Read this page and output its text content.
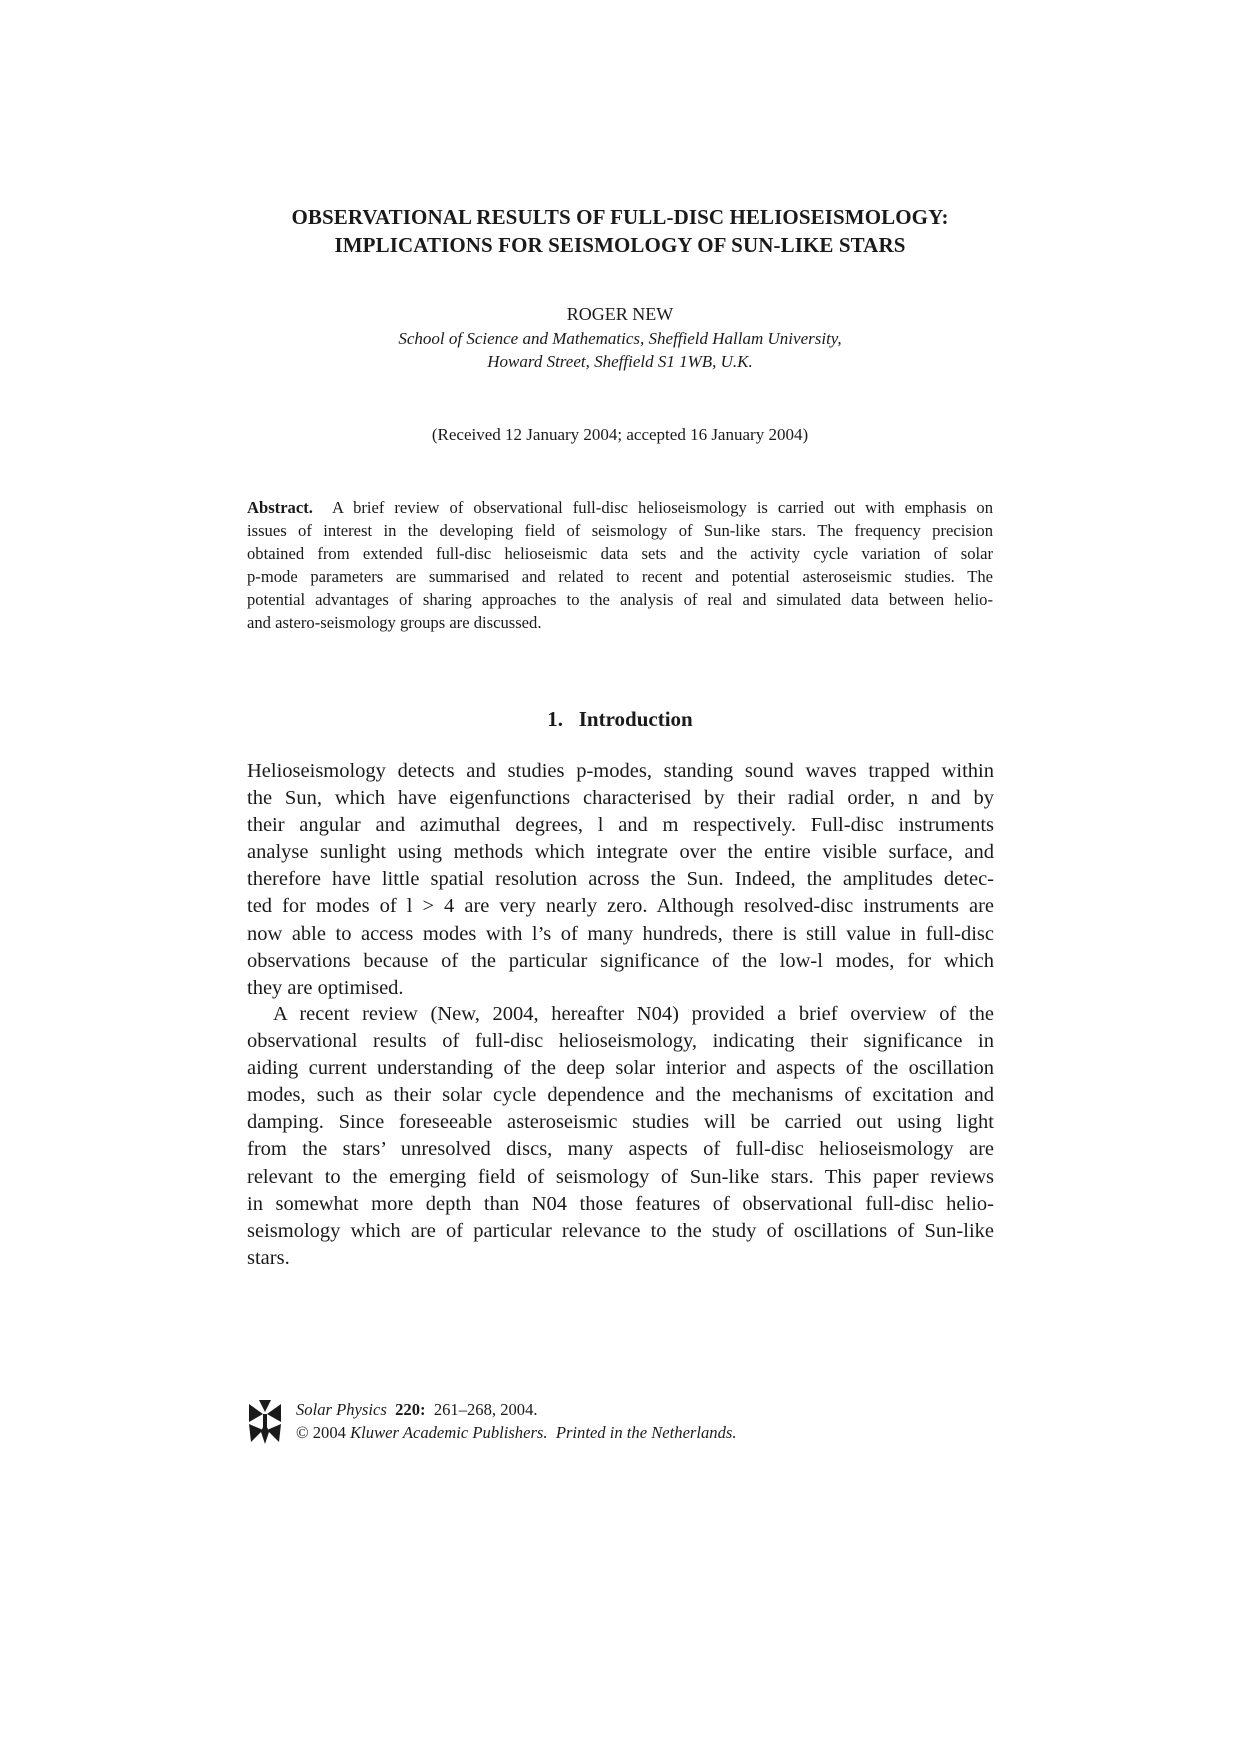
OBSERVATIONAL RESULTS OF FULL-DISC HELIOSEISMOLOGY:
IMPLICATIONS FOR SEISMOLOGY OF SUN-LIKE STARS
ROGER NEW
School of Science and Mathematics, Sheffield Hallam University,
Howard Street, Sheffield S1 1WB, U.K.
(Received 12 January 2004; accepted 16 January 2004)
Abstract. A brief review of observational full-disc helioseismology is carried out with emphasis on
issues of interest in the developing field of seismology of Sun-like stars. The frequency precision
obtained from extended full-disc helioseismic data sets and the activity cycle variation of solar
p-mode parameters are summarised and related to recent and potential asteroseismic studies. The
potential advantages of sharing approaches to the analysis of real and simulated data between helio-
and astero-seismology groups are discussed.
1. Introduction
Helioseismology detects and studies p-modes, standing sound waves trapped within
the Sun, which have eigenfunctions characterised by their radial order, n and by
their angular and azimuthal degrees, l and m respectively. Full-disc instruments
analyse sunlight using methods which integrate over the entire visible surface, and
therefore have little spatial resolution across the Sun. Indeed, the amplitudes detec-
ted for modes of l > 4 are very nearly zero. Although resolved-disc instruments are
now able to access modes with l’s of many hundreds, there is still value in full-disc
observations because of the particular significance of the low-l modes, for which
they are optimised.
A recent review (New, 2004, hereafter N04) provided a brief overview of the
observational results of full-disc helioseismology, indicating their significance in
aiding current understanding of the deep solar interior and aspects of the oscillation
modes, such as their solar cycle dependence and the mechanisms of excitation and
damping. Since foreseeable asteroseismic studies will be carried out using light
from the stars’ unresolved discs, many aspects of full-disc helioseismology are
relevant to the emerging field of seismology of Sun-like stars. This paper reviews
in somewhat more depth than N04 those features of observational full-disc helio-
seismology which are of particular relevance to the study of oscillations of Sun-like
stars.
Solar Physics 220: 261–268, 2004.
© 2004 Kluwer Academic Publishers. Printed in the Netherlands.
